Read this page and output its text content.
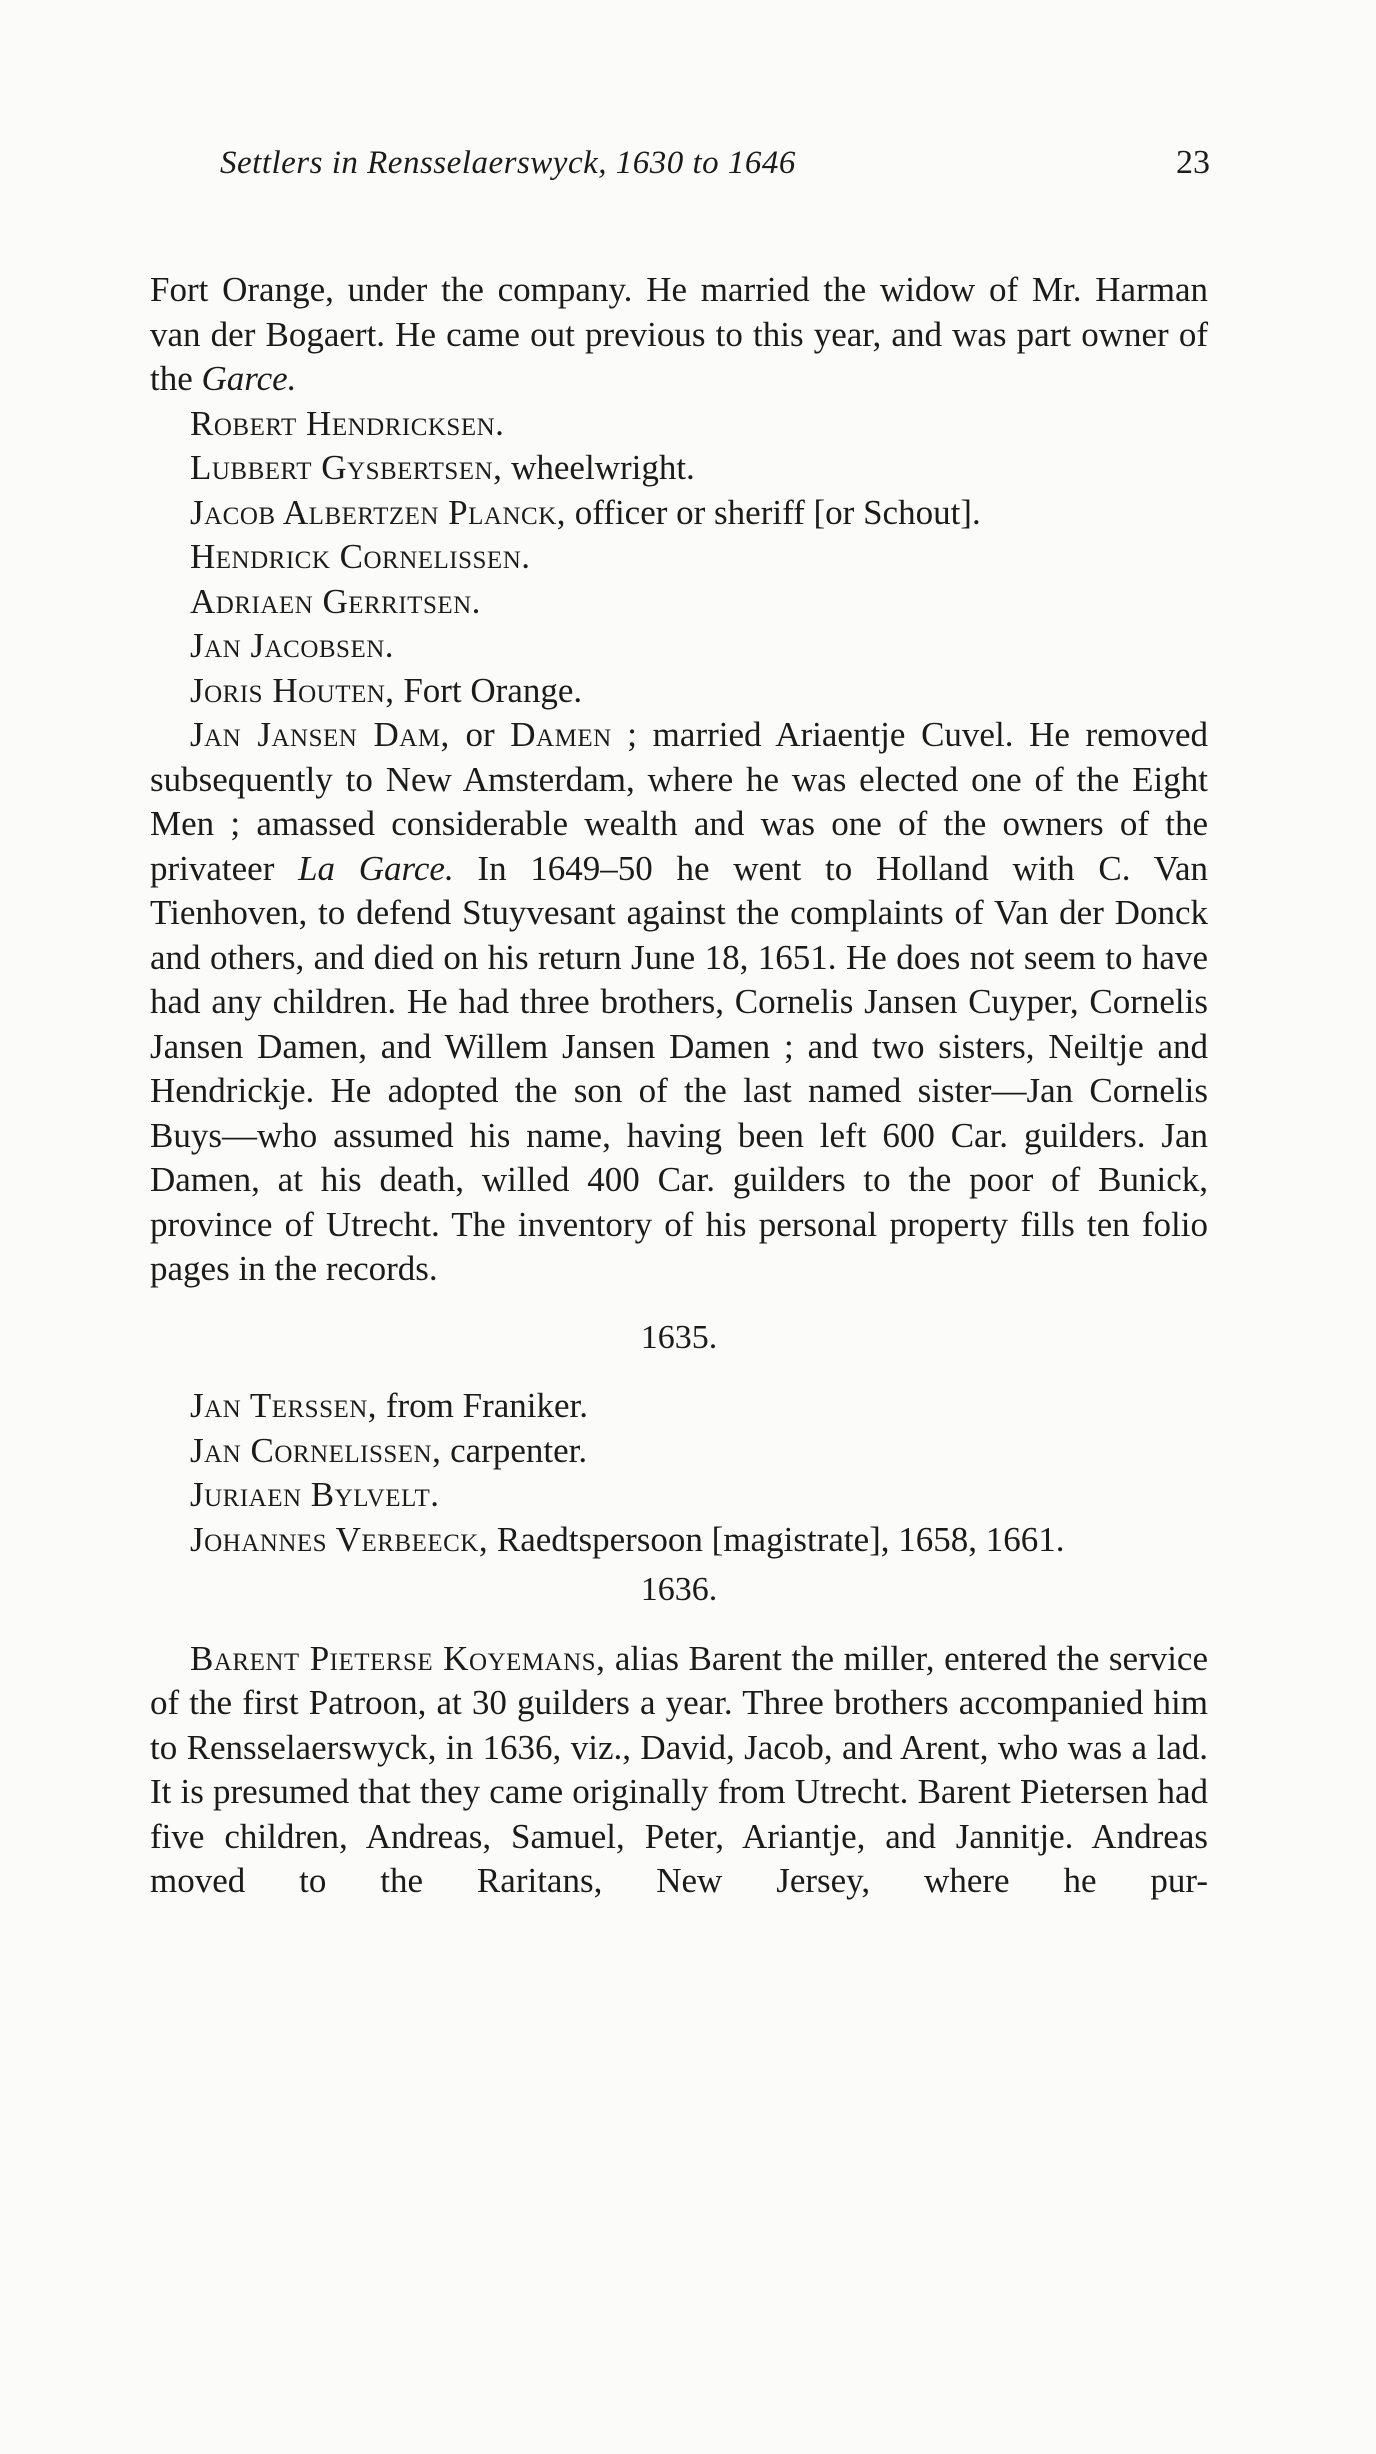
Settlers in Rensselaerswyck, 1630 to 1646	23

Fort Orange, under the company. He married the widow of Mr. Harman van der Bogaert. He came out previous to this year, and was part owner of the Garce.

Robert Hendricksen.

Lubbert Gysbertsen, wheelwright.

Jacob Albertzen Planck, officer or sheriff [or Schout].

Hendrick Cornelissen.

Adriaen Gerritsen.

Jan Jacobsen.

Joris Houten, Fort Orange.

Jan Jansen Dam, or Damen ; married Ariaentje Cuvel. He removed subsequently to New Amsterdam, where he was elected one of the Eight Men ; amassed considerable wealth and was one of the owners of the privateer La Garce. In 1649–50 he went to Holland with C. Van Tienhoven, to defend Stuyvesant against the complaints of Van der Donck and others, and died on his return June 18, 1651. He does not seem to have had any children. He had three brothers, Cornelis Jansen Cuyper, Cornelis Jansen Damen, and Willem Jansen Damen ; and two sisters, Neiltje and Hendrickje. He adopted the son of the last named sister—Jan Cornelis Buys—who assumed his name, having been left 600 Car. guilders. Jan Damen, at his death, willed 400 Car. guilders to the poor of Bunick, province of Utrecht. The inventory of his personal property fills ten folio pages in the records.

1635.

Jan Terssen, from Franiker.

Jan Cornelissen, carpenter.

Juriaen Bylvelt.

Johannes Verbeeck, Raedtspersoon [magistrate], 1658, 1661.

1636.

Barent Pieterse Koyemans, alias Barent the miller, entered the service of the first Patroon, at 30 guilders a year. Three brothers accompanied him to Rensselaerswyck, in 1636, viz., David, Jacob, and Arent, who was a lad. It is presumed that they came originally from Utrecht. Barent Pietersen had five children, Andreas, Samuel, Peter, Ariantje, and Jannitje. Andreas moved to the Raritans, New Jersey, where he pur-
